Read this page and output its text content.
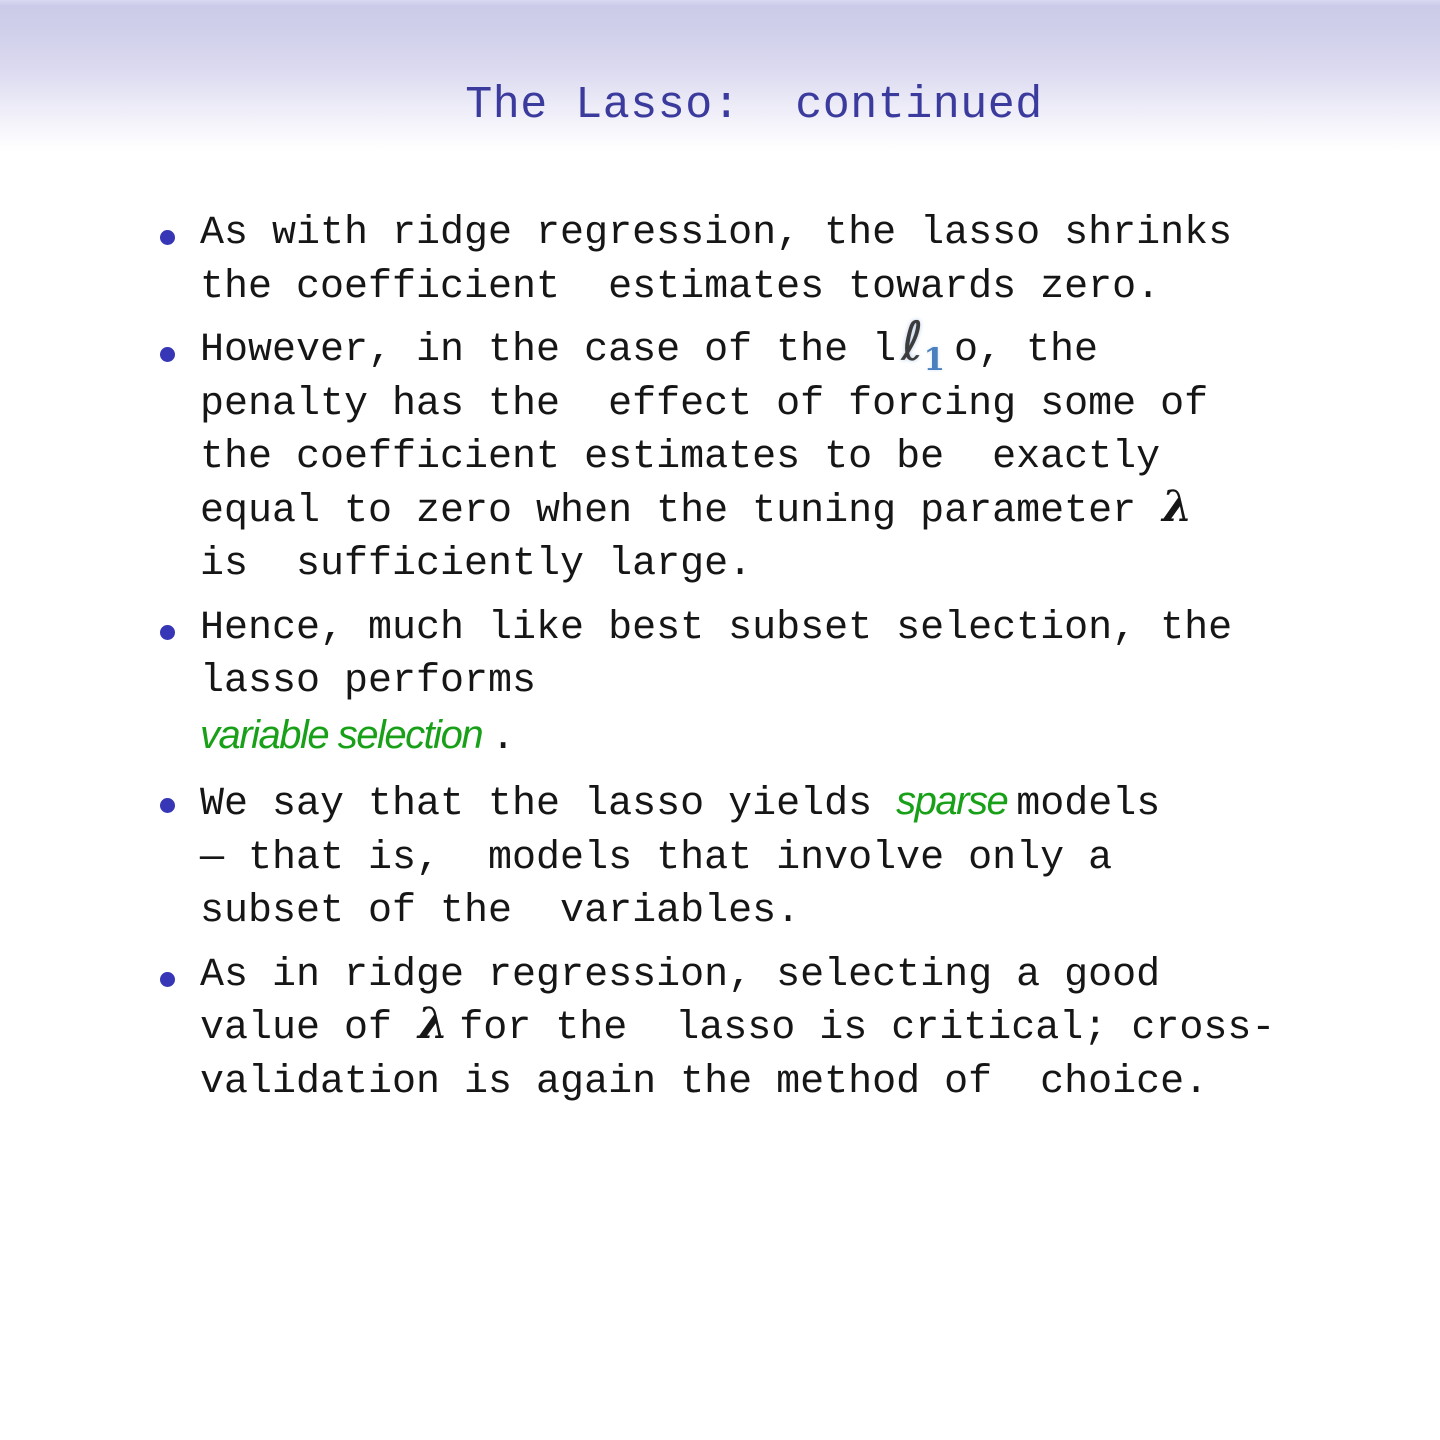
The Lasso:  continued
As with ridge regression, the lasso shrinks
the coefficient  estimates towards zero.
However, in the case of the lℓ$_1$ o, the
penalty has the  effect of forcing some of
the coefficient estimates to be  exactly
equal to zero when the tuning parameter λ
is  sufficiently large.
Hence, much like best subset selection, the
lasso performs
variable selection .
We say that the lasso yields sparse models
— that is,  models that involve only a
subset of the  variables.
As in ridge regression, selecting a good
value of λ for the  lasso is critical; cross-
validation is again the method of  choice.
